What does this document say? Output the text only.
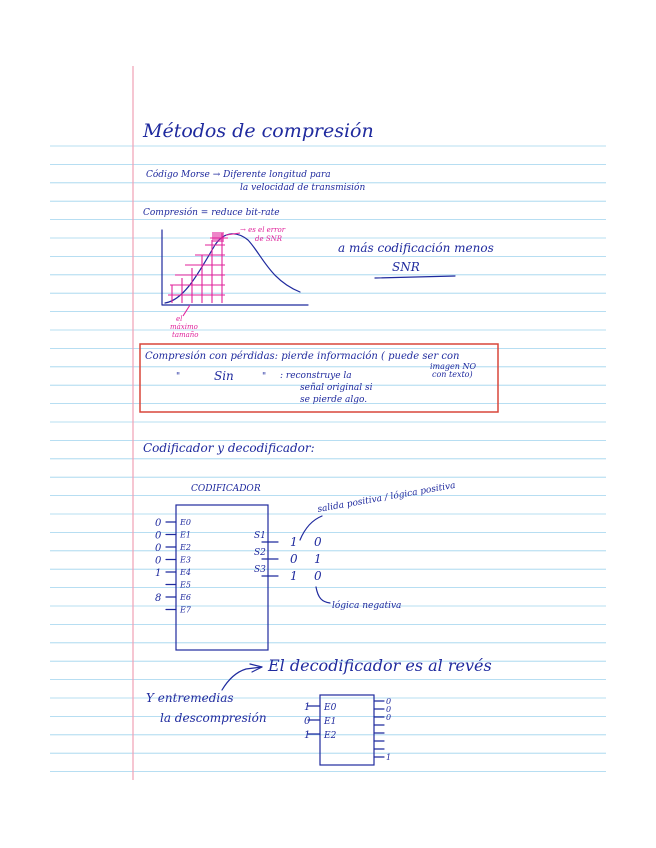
Métodos de compresión
Código Morse → Diferente longitud para
la velocidad de transmisión
Compresión = reduce bit-rate
→ es el error
de SNR
el
máximo
tamaño
a más codificación menos
SNR
Compresión con pérdidas: pierde información ( puede ser con
imagen NO
con texto)
"	Sin	" : reconstruye la
señal original si
se pierde algo.
Codificador y decodificador:
CODIFICADOR
E0
0
E1
0
E2
0
E3
0
E4
1
E5
E6
8
E7
S1 1 0
S2 0 1
S3 1 0
salida positiva / lógica positiva
lógica negativa
El decodificador es al revés
Y entremedias
la descompresión
E0
1
E1
0
E2
1
0
0
0
1
